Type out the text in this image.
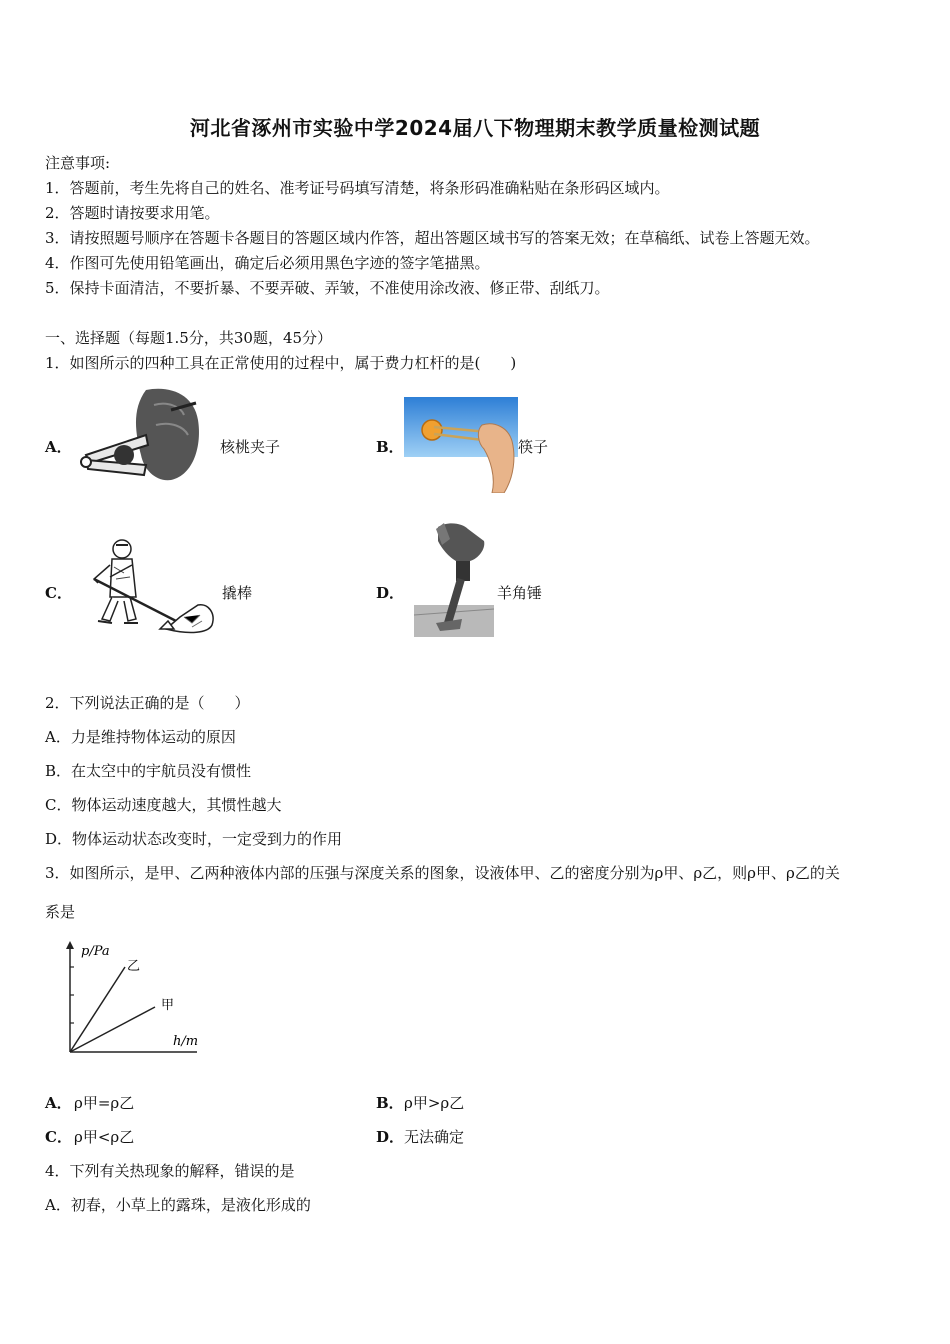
河北省涿州市实验中学2024届八下物理期末教学质量检测试题
注意事项:
1．答题前，考生先将自己的姓名、准考证号码填写清楚，将条形码准确粘贴在条形码区域内。
2．答题时请按要求用笔。
3．请按照题号顺序在答题卡各题目的答题区域内作答，超出答题区域书写的答案无效；在草稿纸、试卷上答题无效。
4．作图可先使用铅笔画出，确定后必须用黑色字迹的签字笔描黑。
5．保持卡面清洁，不要折暴、不要弄破、弄皱，不准使用涂改液、修正带、刮纸刀。
一、选择题（每题1.5分，共30题，45分）
1．如图所示的四种工具在正常使用的过程中，属于费力杠杆的是(　　)
A．	核桃夹子	B．	筷子
C．	撬棒	D．	羊角锤
2．下列说法正确的是（　　）
A．力是维持物体运动的原因
B．在太空中的宇航员没有惯性
C．物体运动速度越大，其惯性越大
D．物体运动状态改变时，一定受到力的作用
3．如图所示，是甲、乙两种液体内部的压强与深度关系的图象，设液体甲、乙的密度分别为ρ甲、ρ乙，则ρ甲、ρ乙的关
系是
p/Pa
h/m
乙
甲
A． ρ甲=ρ乙	B． ρ甲>ρ乙
C． ρ甲<ρ乙	D． 无法确定
4．下列有关热现象的解释，错误的是
A．初春，小草上的露珠，是液化形成的
